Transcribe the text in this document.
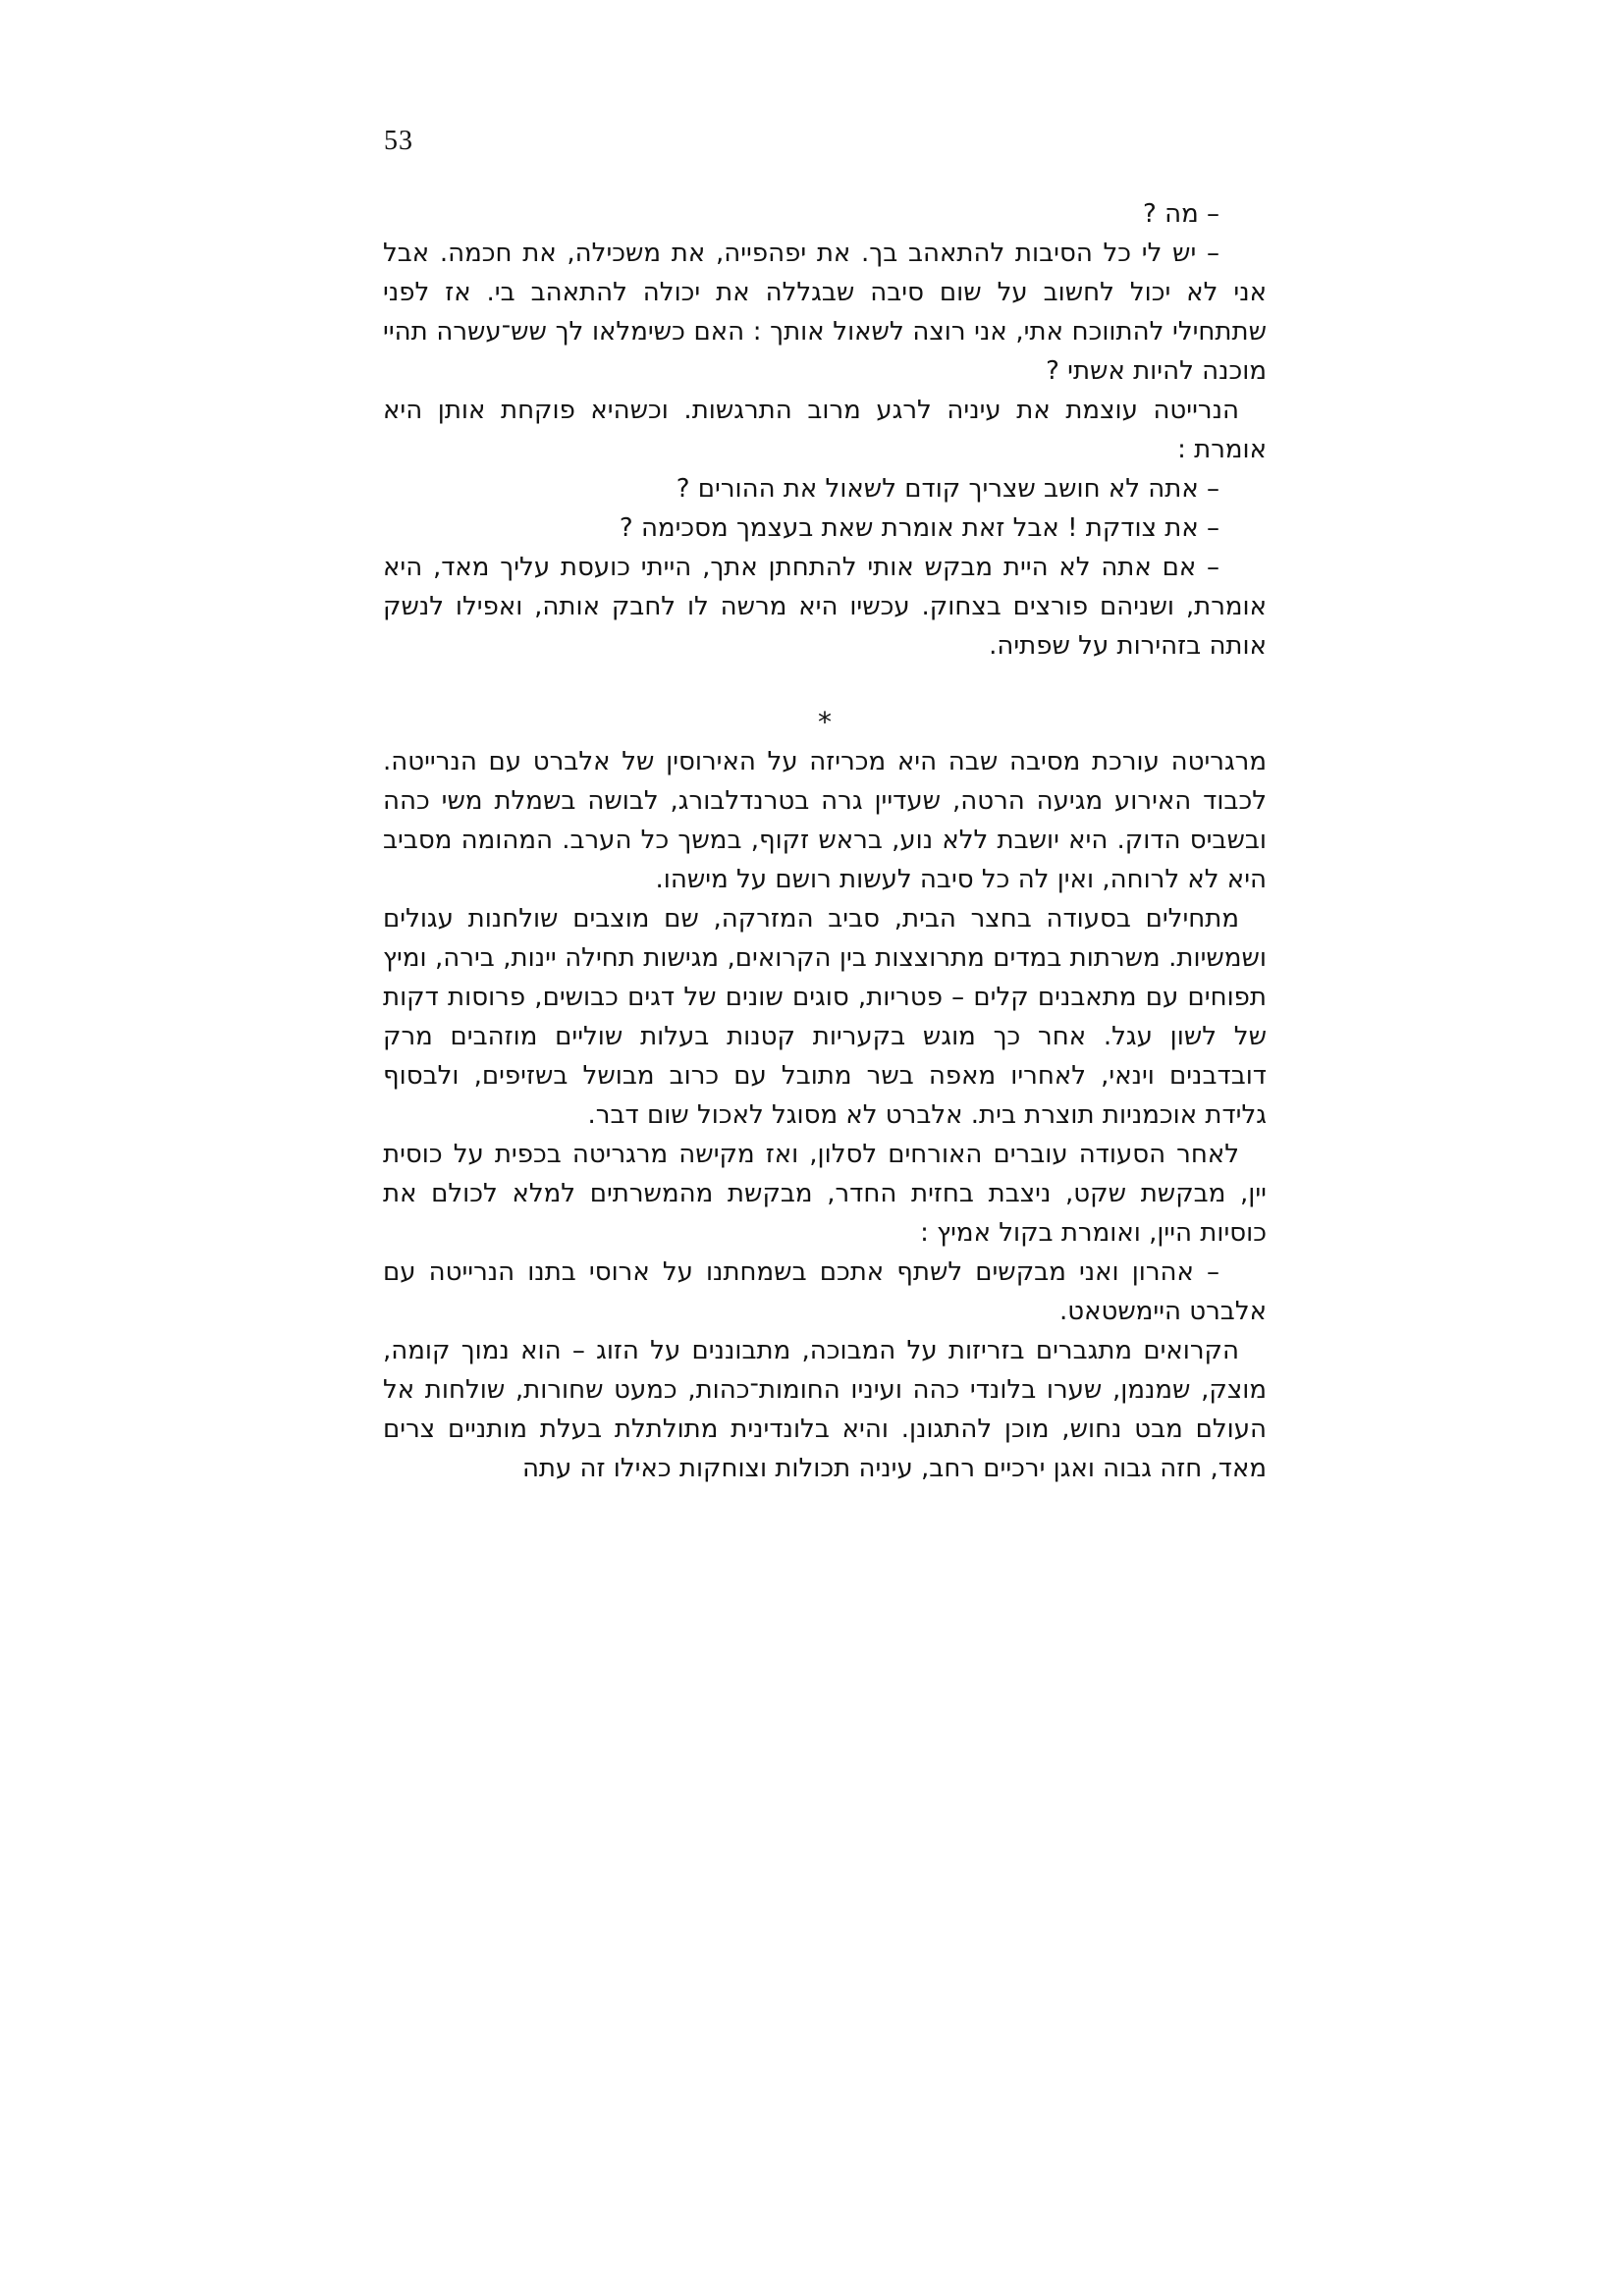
53

– מה ?

– יש לי כל הסיבות להתאהב בך. את יפהפייה, את משכילה, את חכמה. אבל אני לא יכול לחשוב על שום סיבה שבגללה את יכולה להתאהב בי. אז לפני שתתחילי להתווכח אתי, אני רוצה לשאול אותך : האם כשימלאו לך שש־עשרה תהיי מוכנה להיות אשתי ?

הנרייטה עוצמת את עיניה לרגע מרוב התרגשות. וכשהיא פוקחת אותן היא אומרת :

– אתה לא חושב שצריך קודם לשאול את ההורים ?

– את צודקת ! אבל זאת אומרת שאת בעצמך מסכימה ?

– אם אתה לא היית מבקש אותי להתחתן אתך, הייתי כועסת עליך מאד, היא אומרת, ושניהם פורצים בצחוק. עכשיו היא מרשה לו לחבק אותה, ואפילו לנשק אותה בזהירות על שפתיה.

*

מרגריטה עורכת מסיבה שבה היא מכריזה על האירוסין של אלברט עם הנרייטה. לכבוד האירוע מגיעה הרטה, שעדיין גרה בטרנדלבורג, לבושה בשמלת משי כהה ובשביס הדוק. היא יושבת ללא נוע, בראש זקוף, במשך כל הערב. המהומה מסביב היא לא לרוחה, ואין לה כל סיבה לעשות רושם על מישהו.

מתחילים בסעודה בחצר הבית, סביב המזרקה, שם מוצבים שולחנות עגולים ושמשיות. משרתות במדים מתרוצצות בין הקרואים, מגישות תחילה יינות, בירה, ומיץ תפוחים עם מתאבנים קלים – פטריות, סוגים שונים של דגים כבושים, פרוסות דקות של לשון עגל. אחר כך מוגש בקעריות קטנות בעלות שוליים מוזהבים מרק דובדבנים וינאי, לאחריו מאפה בשר מתובל עם כרוב מבושל בשזיפים, ולבסוף גלידת אוכמניות תוצרת בית. אלברט לא מסוגל לאכול שום דבר.

לאחר הסעודה עוברים האורחים לסלון, ואז מקישה מרגריטה בכפית על כוסית יין, מבקשת שקט, ניצבת בחזית החדר, מבקשת מהמשרתים למלא לכולם את כוסיות היין, ואומרת בקול אמיץ :

– אהרון ואני מבקשים לשתף אתכם בשמחתנו על ארוסי בתנו הנרייטה עם אלברט היימשטאט.

הקרואים מתגברים בזריזות על המבוכה, מתבוננים על הזוג – הוא נמוך קומה, מוצק, שמנמן, שערו בלונדי כהה ועיניו החומות־כהות, כמעט שחורות, שולחות אל העולם מבט נחוש, מוכן להתגונן. והיא בלונדינית מתולתלת בעלת מותניים צרים מאד, חזה גבוה ואגן ירכיים רחב, עיניה תכולות וצוחקות כאילו זה עתה
